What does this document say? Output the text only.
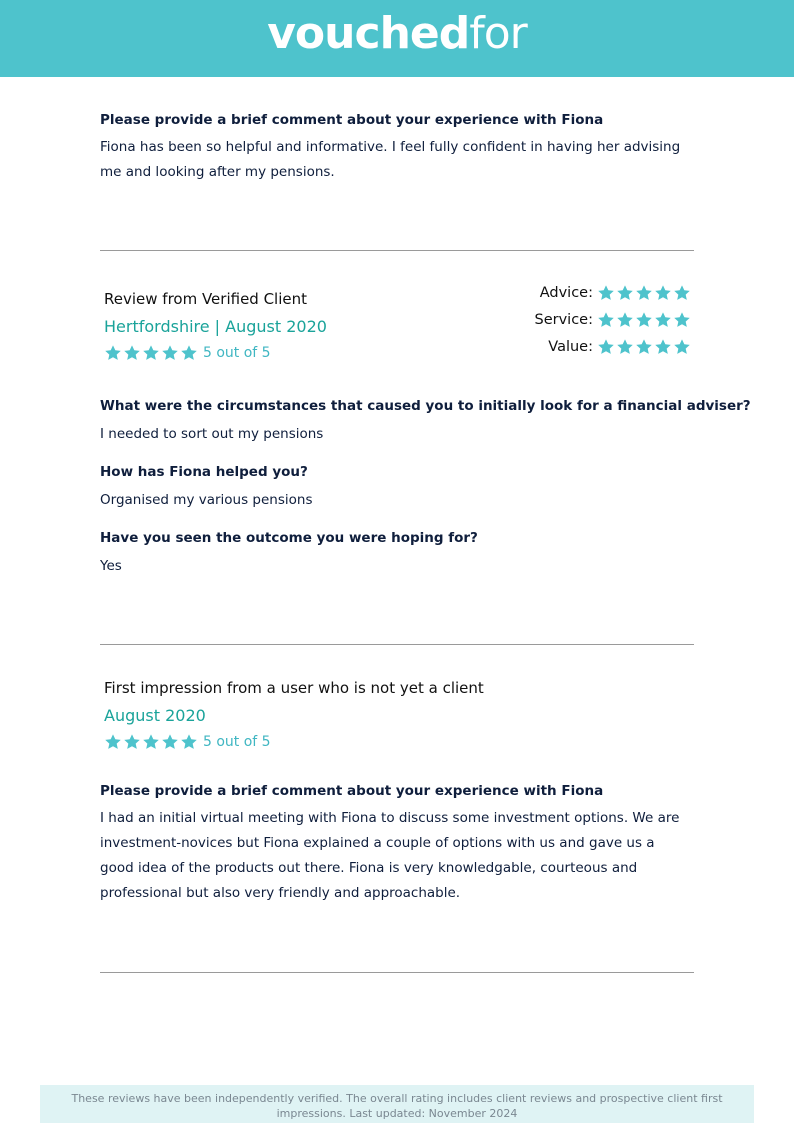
vouchedfor
Please provide a brief comment about your experience with Fiona
Fiona has been so helpful and informative. I feel fully confident in having her advising me and looking after my pensions.
Review from Verified Client
Hertfordshire | August 2020
5 out of 5
Advice:
Service:
Value:
What were the circumstances that caused you to initially look for a financial adviser?
I needed to sort out my pensions
How has Fiona helped you?
Organised my various pensions
Have you seen the outcome you were hoping for?
Yes
First impression from a user who is not yet a client
August 2020
5 out of 5
Please provide a brief comment about your experience with Fiona
I had an initial virtual meeting with Fiona to discuss some investment options. We are investment-novices but Fiona explained a couple of options with us and gave us a good idea of the products out there. Fiona is very knowledgable, courteous and professional but also very friendly and approachable.
These reviews have been independently verified. The overall rating includes client reviews and prospective client first impressions. Last updated: November 2024
